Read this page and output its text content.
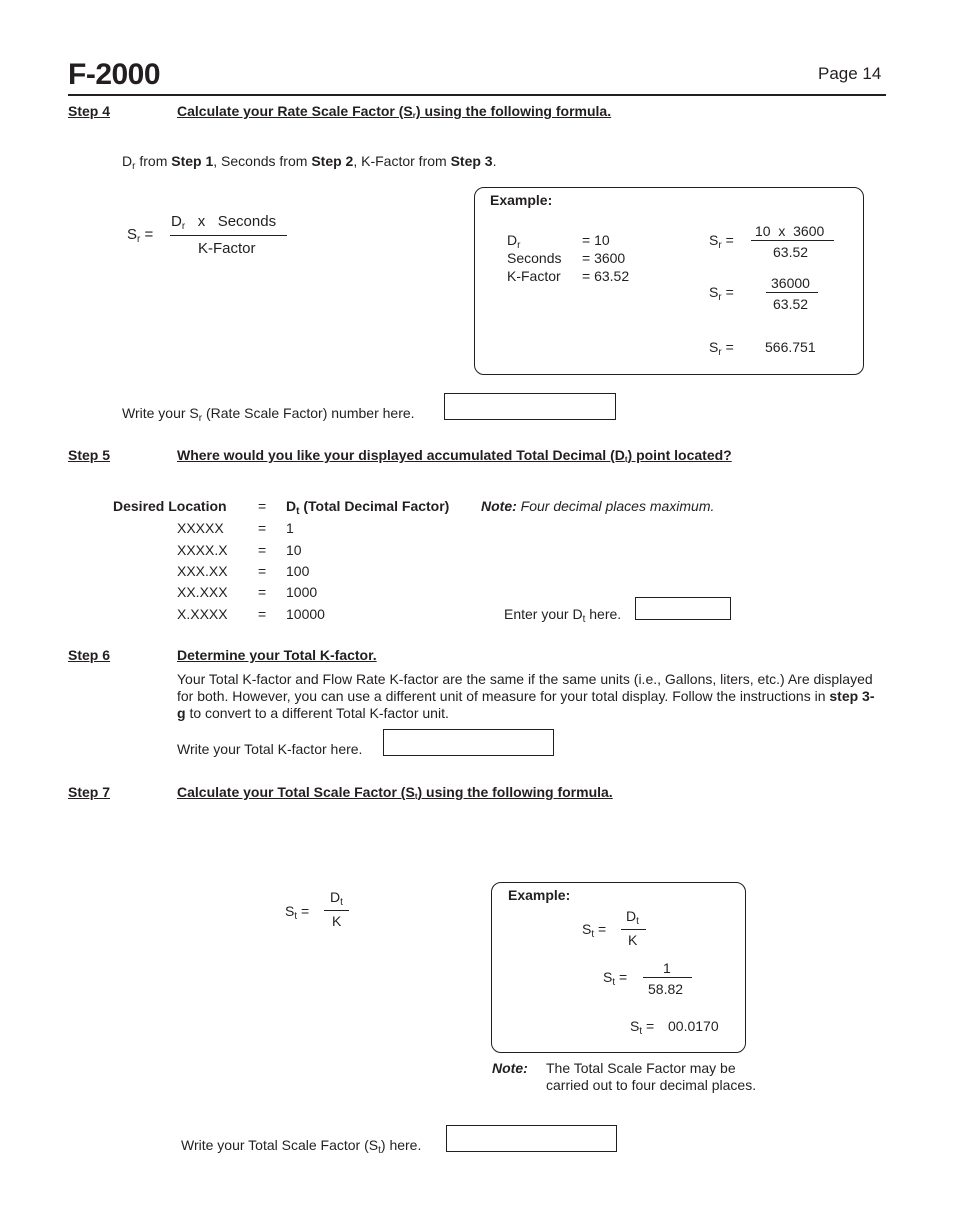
F-2000	Page 14
Step 4	Calculate your Rate Scale Factor (Sr) using the following formula.
$D_r$ from Step 1, Seconds from Step 2, K-Factor from Step 3.
$S_r$ =
$D_r$ x   Seconds
K-Factor
Example:
$D_r$	= 10
Seconds = 3600
K-Factor = 63.52
$S_r$ =
10  x  3600
63.52
$S_r$ =
36000
63.52
$S_r = 566.751$
Write your $S_r$ (Rate Scale Factor) number here.
Step 5	Where would you like your displayed accumulated Total Decimal (Dt) point located?
Desired Location = $D_t$ (Total Decimal Factor) Note: Four decimal places maximum.
XXXXX = 1
XXXX.X = 10
XXX.XX = 100
XX.XXX = 1000
X.XXXX = 10000	Enter your $D_t$ here.
Step 6	Determine your Total K-factor.
Your Total K-factor and Flow Rate K-factor are the same if the same units (i.e., Gallons, liters, etc.) Are displayed for both. However, you can use a different unit of measure for your total display. Follow the instructions in step 3-g to convert to a different Total K-factor unit.
Write your Total K-factor here.
Step 7	Calculate your Total Scale Factor (St) using the following formula.
$S_t$ =
$D_t$
K
Example:
$S_t$ =
$D_t$
K
$S_t$ =
1
58.82
$S_t = 00.0170$
Note: The Total Scale Factor may be
carried out to four decimal places.
Write your Total Scale Factor $(S_t)$ here.
